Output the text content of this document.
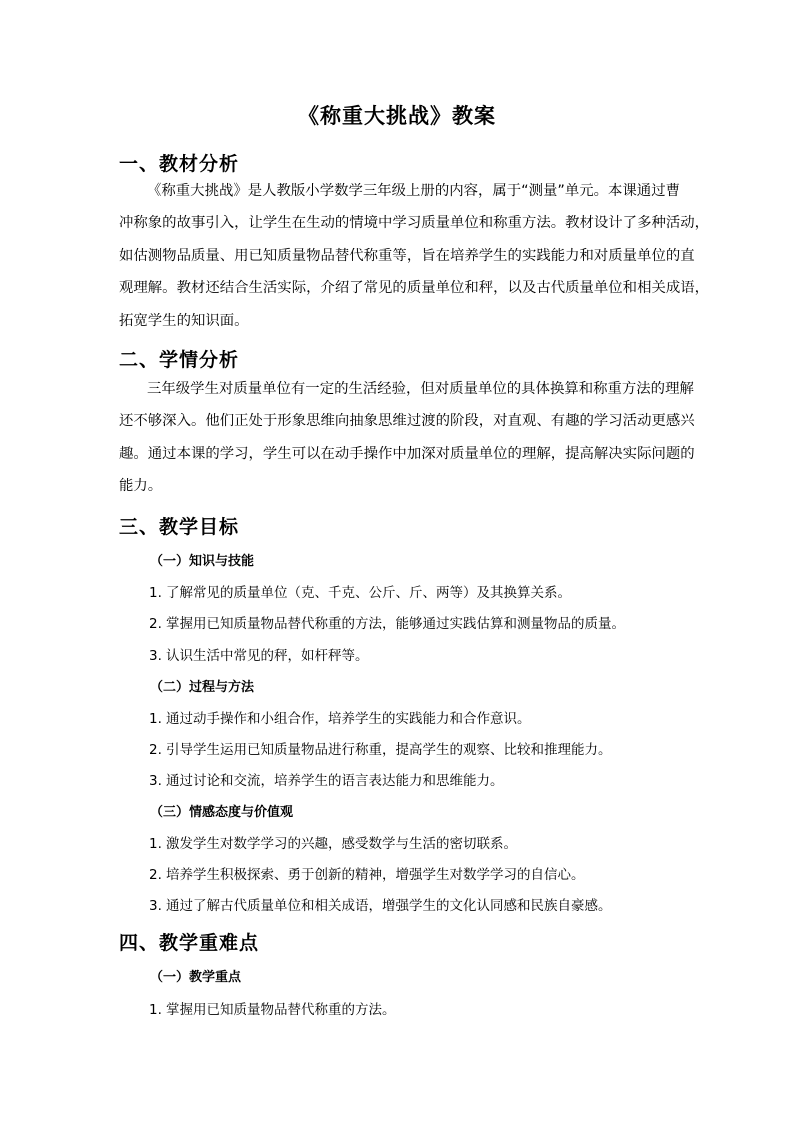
《称重大挑战》教案
一、教材分析
《称重大挑战》是人教版小学数学三年级上册的内容，属于“测量”单元。本课通过曹
冲称象的故事引入，让学生在生动的情境中学习质量单位和称重方法。教材设计了多种活动，
如估测物品质量、用已知质量物品替代称重等，旨在培养学生的实践能力和对质量单位的直
观理解。教材还结合生活实际，介绍了常见的质量单位和秤，以及古代质量单位和相关成语，
拓宽学生的知识面。
二、学情分析
三年级学生对质量单位有一定的生活经验，但对质量单位的具体换算和称重方法的理解
还不够深入。他们正处于形象思维向抽象思维过渡的阶段，对直观、有趣的学习活动更感兴
趣。通过本课的学习，学生可以在动手操作中加深对质量单位的理解，提高解决实际问题的
能力。
三、教学目标
（一）知识与技能
1. 了解常见的质量单位（克、千克、公斤、斤、两等）及其换算关系。
2. 掌握用已知质量物品替代称重的方法，能够通过实践估算和测量物品的质量。
3. 认识生活中常见的秤，如杆秤等。
（二）过程与方法
1. 通过动手操作和小组合作，培养学生的实践能力和合作意识。
2. 引导学生运用已知质量物品进行称重，提高学生的观察、比较和推理能力。
3. 通过讨论和交流，培养学生的语言表达能力和思维能力。
（三）情感态度与价值观
1. 激发学生对数学学习的兴趣，感受数学与生活的密切联系。
2. 培养学生积极探索、勇于创新的精神，增强学生对数学学习的自信心。
3. 通过了解古代质量单位和相关成语，增强学生的文化认同感和民族自豪感。
四、教学重难点
（一）教学重点
1. 掌握用已知质量物品替代称重的方法。
